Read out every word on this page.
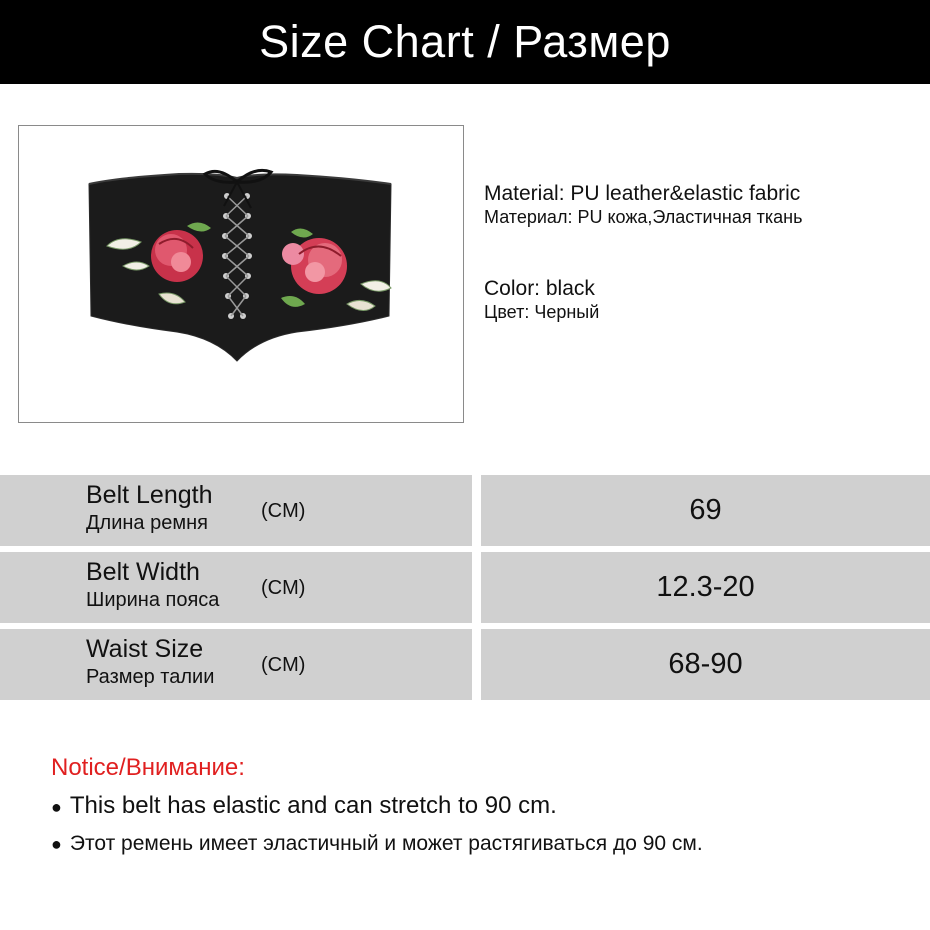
Size Chart / Размер
Material: PU leather&elastic fabric
Материал: PU кожа,Эластичная ткань
Color: black
Цвет: Черный
Belt Length
Длина ремня
(CM)	69
Belt Width
Ширина пояса
(CM)	12.3-20
Waist Size
Размер талии
(CM)	68-90
Notice/Внимание:
● This belt has elastic and can stretch to 90 cm.
● Этот ремень имеет эластичный и может растягиваться до 90 см.
